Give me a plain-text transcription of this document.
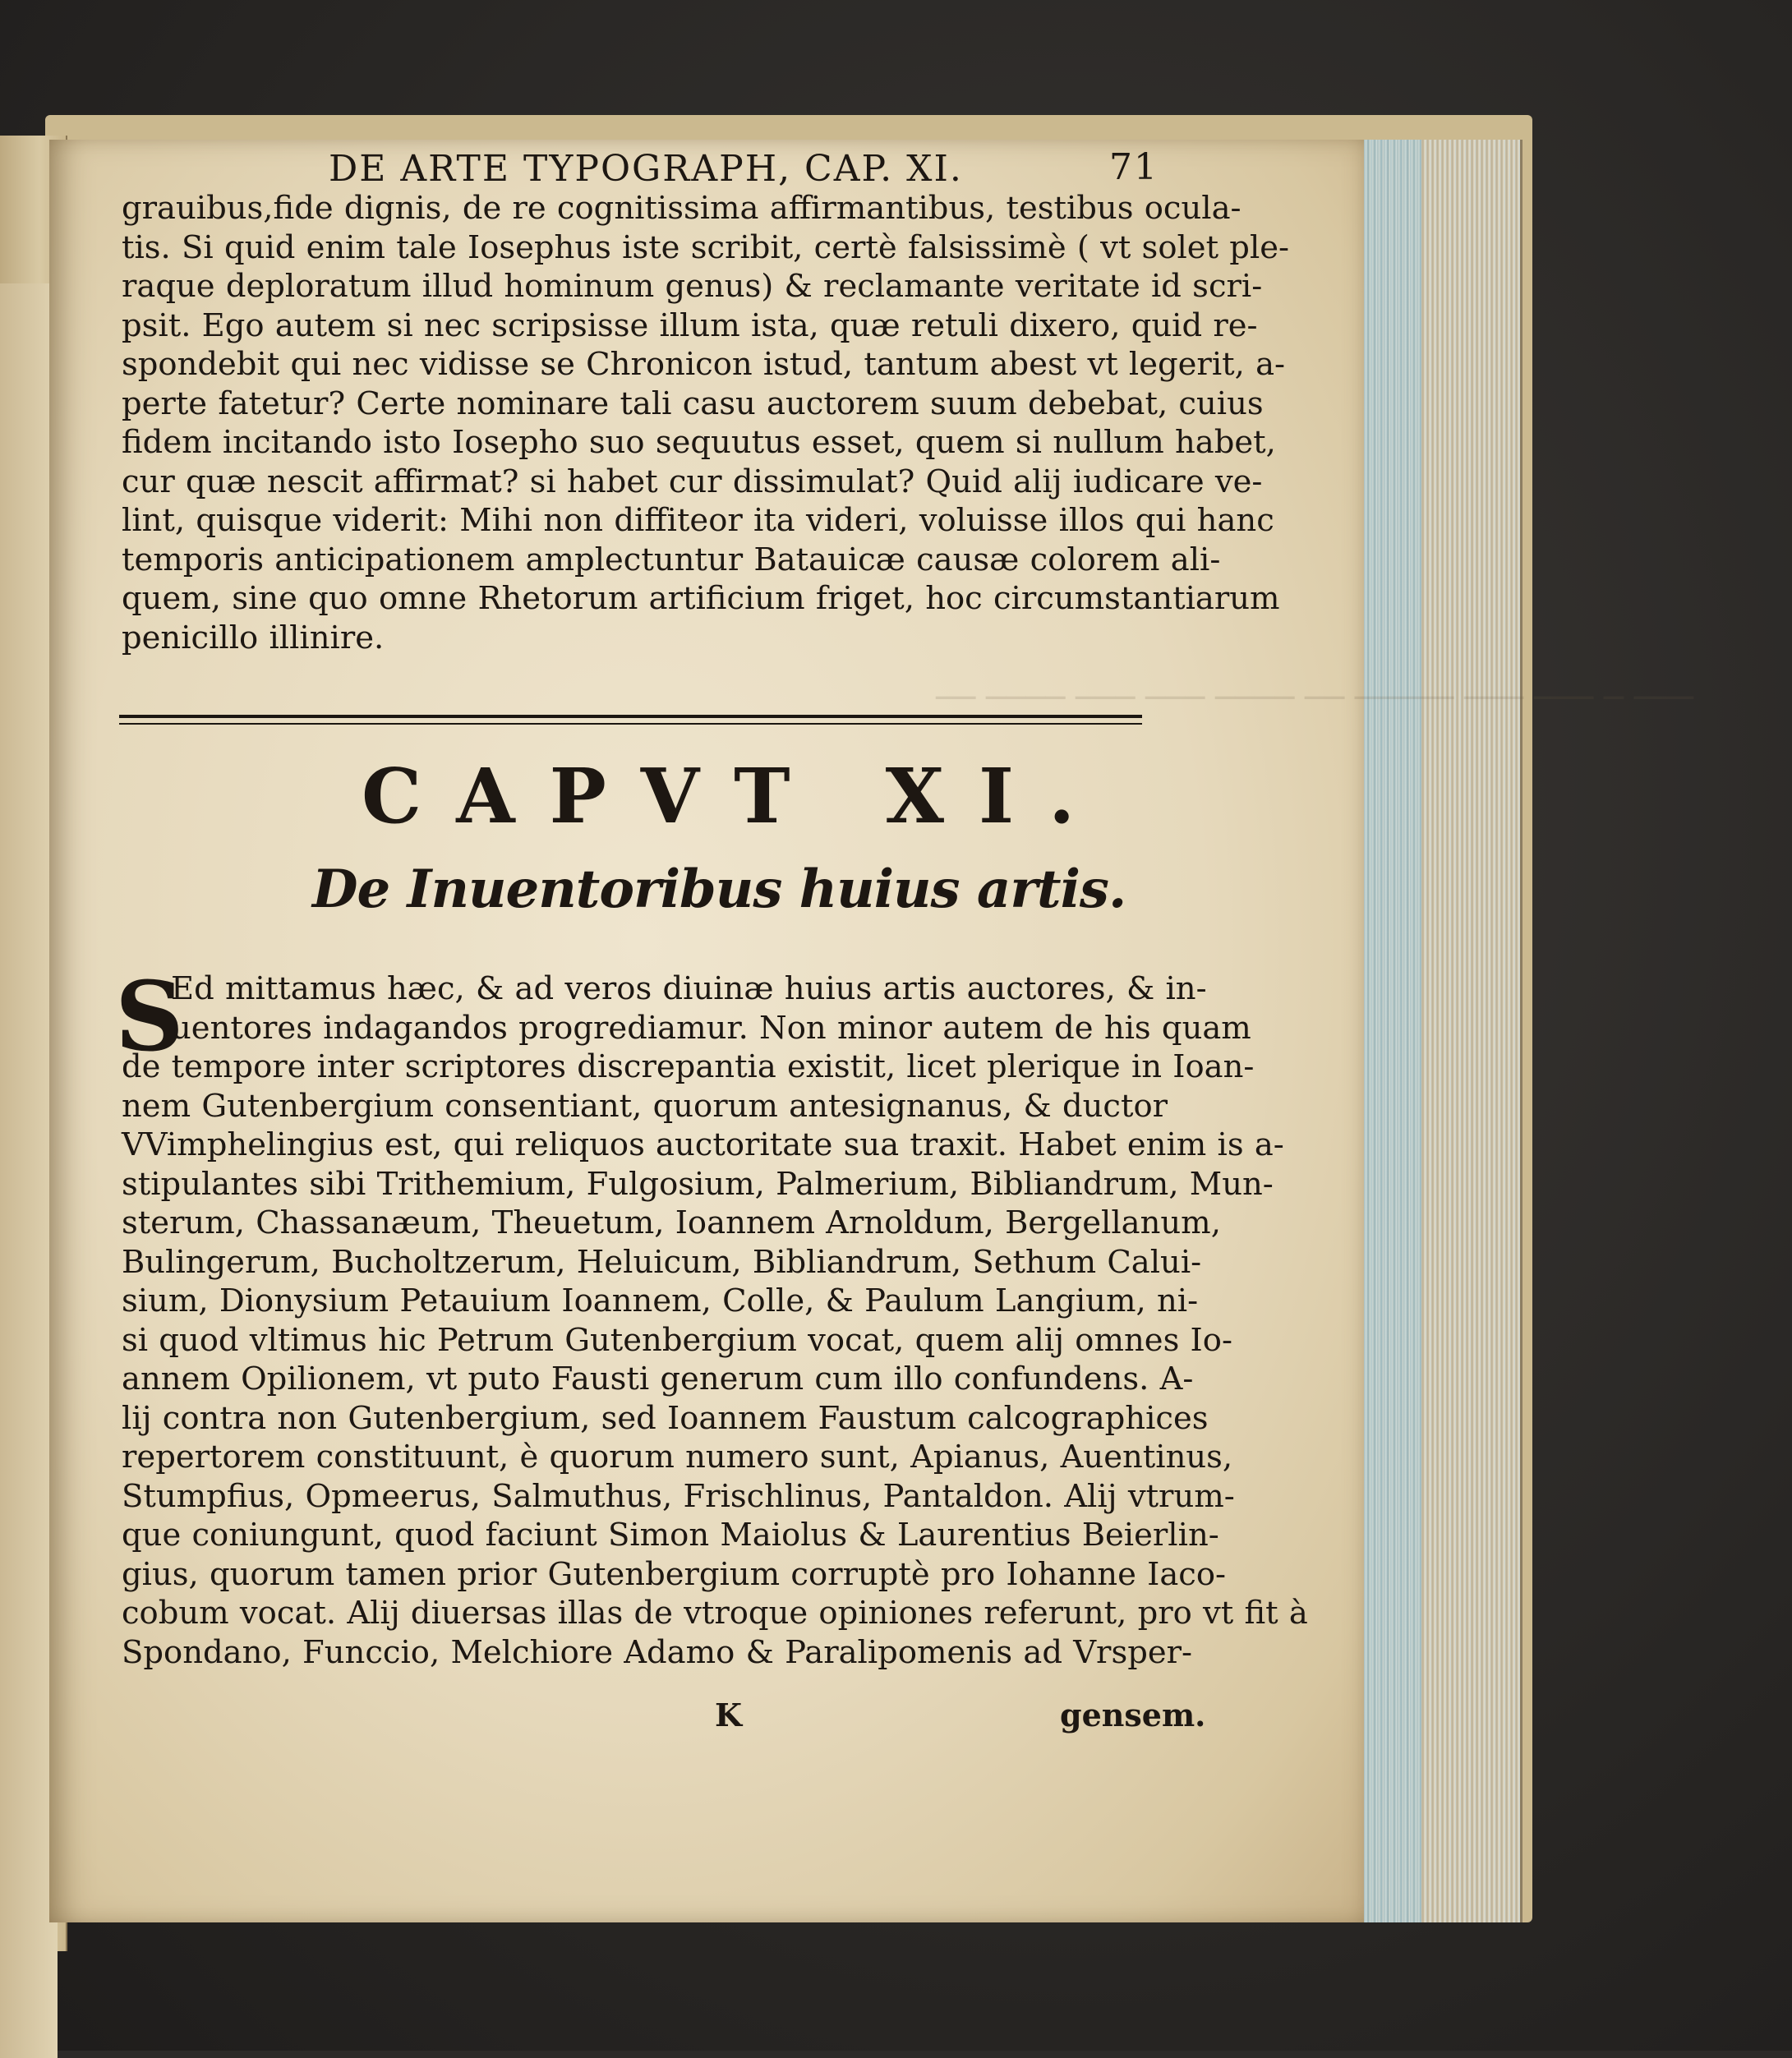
─── ─ ─── ─── ───── ── ──── ─── ─── ──── ──
DE ARTE TYPOGRAPH, CAP. XI.	71
grauibus,fide dignis, de re cognitissima affirmantibus, testibus ocula-
tis. Si quid enim tale Iosephus iste scribit, certè falsissimè ( vt solet ple-
raque deploratum illud hominum genus) & reclamante veritate id scri-
psit. Ego autem si nec scripsisse illum ista, quæ retuli dixero, quid re-
spondebit qui nec vidisse se Chronicon istud, tantum abest vt legerit, a-
perte fatetur? Certe nominare tali casu auctorem suum debebat, cuius
fidem incitando isto Iosepho suo sequutus esset, quem si nullum habet,
cur quæ nescit affirmat? si habet cur dissimulat? Quid alij iudicare ve-
lint, quisque viderit: Mihi non diffiteor ita videri, voluisse illos qui hanc
temporis anticipationem amplectuntur Batauicæ causæ colorem ali-
quem, sine quo omne Rhetorum artificium friget, hoc circumstantiarum
penicillo illinire.
CAPVT XI.
De Inuentoribus huius artis.
S
Ed mittamus hæc, & ad veros diuinæ huius artis auctores, & in-
uentores indagandos progrediamur. Non minor autem de his quam
de tempore inter scriptores discrepantia existit, licet plerique in Ioan-
nem Gutenbergium consentiant, quorum antesignanus, & ductor
VVimphelingius est, qui reliquos auctoritate sua traxit. Habet enim is a-
stipulantes sibi Trithemium, Fulgosium, Palmerium, Bibliandrum, Mun-
sterum, Chassanæum, Theuetum, Ioannem Arnoldum, Bergellanum,
Bulingerum, Bucholtzerum, Heluicum, Bibliandrum, Sethum Calui-
sium, Dionysium Petauium Ioannem, Colle, & Paulum Langium, ni-
si quod vltimus hic Petrum Gutenbergium vocat, quem alij omnes Io-
annem Opilionem, vt puto Fausti generum cum illo confundens. A-
lij contra non Gutenbergium, sed Ioannem Faustum calcographices
repertorem constituunt, è quorum numero sunt, Apianus, Auentinus,
Stumpfius, Opmeerus, Salmuthus, Frischlinus, Pantaldon. Alij vtrum-
que coniungunt, quod faciunt Simon Maiolus & Laurentius Beierlin-
gius, quorum tamen prior Gutenbergium corruptè pro Iohanne Iaco-
cobum vocat. Alij diuersas illas de vtroque opiniones referunt, pro vt fit à
Spondano, Funccio, Melchiore Adamo & Paralipomenis ad Vrsper-
K	gensem.
